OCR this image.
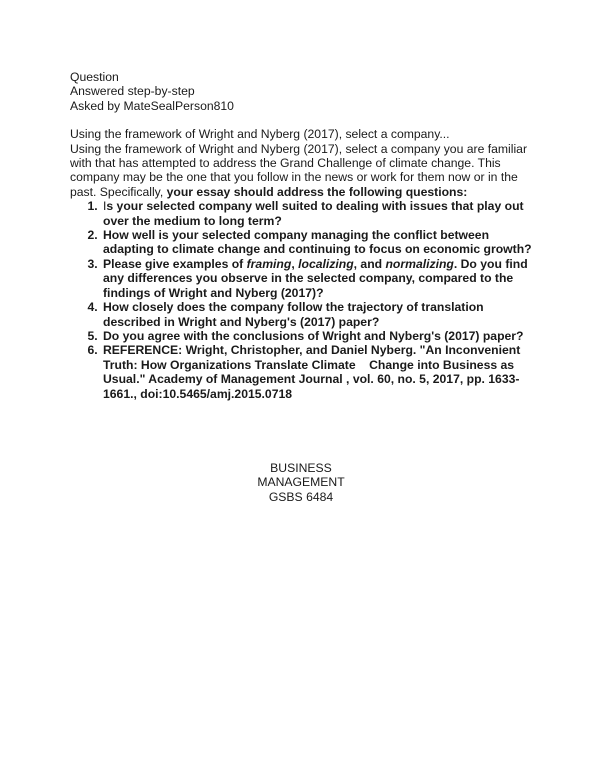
Question
Answered step-by-step
Asked by MateSealPerson810

Using the framework of Wright and Nyberg (2017), select a company...

Using the framework of Wright and Nyberg (2017), select a company you are familiar with that has attempted to address the Grand Challenge of climate change. This company may be the one that you follow in the news or work for them now or in the past. Specifically, your essay should address the following questions:

1. Is your selected company well suited to dealing with issues that play out over the medium to long term?
2. How well is your selected company managing the conflict between adapting to climate change and continuing to focus on economic growth?
3. Please give examples of framing, localizing, and normalizing. Do you find any differences you observe in the selected company, compared to the findings of Wright and Nyberg (2017)?
4. How closely does the company follow the trajectory of translation described in Wright and Nyberg's (2017) paper?
5. Do you agree with the conclusions of Wright and Nyberg's (2017) paper?
6. REFERENCE: Wright, Christopher, and Daniel Nyberg. "An Inconvenient Truth: How Organizations Translate Climate    Change into Business as Usual." Academy of Management Journal , vol. 60, no. 5, 2017, pp. 1633-1661., doi:10.5465/amj.2015.0718
BUSINESS
MANAGEMENT
GSBS 6484
